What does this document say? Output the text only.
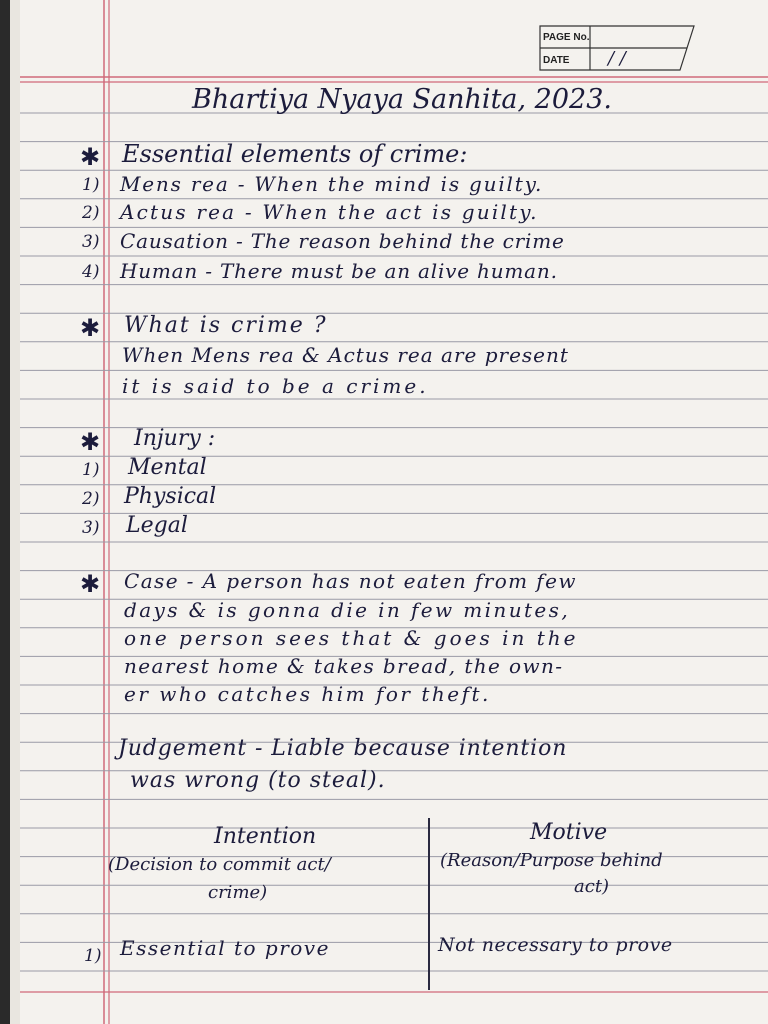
PAGE No.
DATE / /
Bhartiya Nyaya Sanhita, 2023.
✱ Essential elements of crime:
1) Mens rea - When the mind is guilty.
2) Actus rea - When the act is guilty.
3) Causation - The reason behind the crime
4) Human - There must be an alive human.
✱ What is crime ?
When Mens rea & Actus rea are present
it is said to be a crime.
✱ Injury :
1) Mental
2) Physical
3) Legal
✱ Case - A person has not eaten from few
days & is gonna die in few minutes,
one person sees that & goes in the
nearest home & takes bread, the own-
er who catches him for theft.
Judgement - Liable because intention
was wrong (to steal).
Intention
(Decision to commit act/
crime)
Motive
(Reason/Purpose behind
act)
1) Essential to prove	Not necessary to prove
